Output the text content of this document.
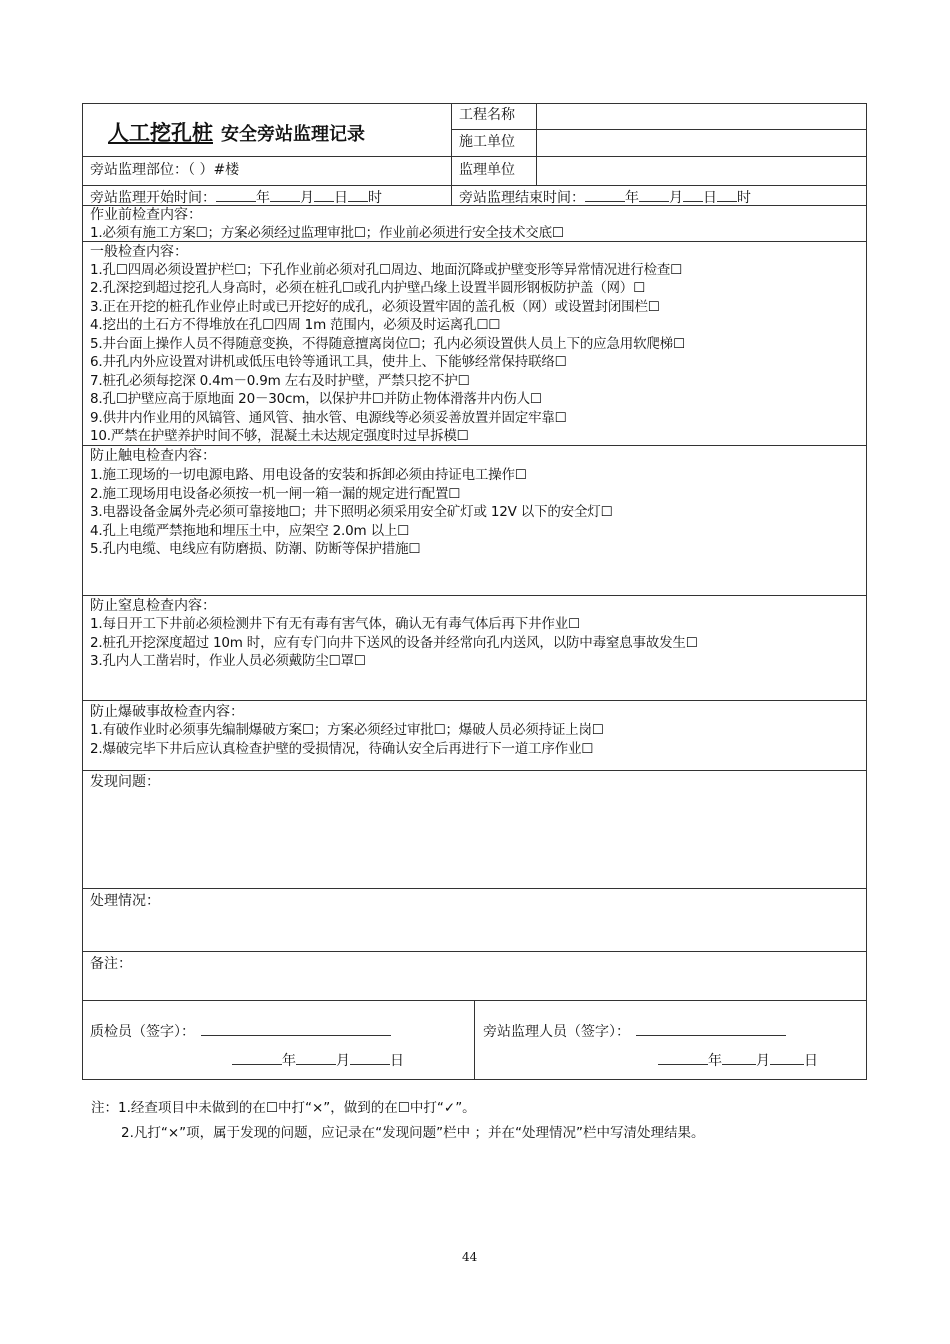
人工挖孔桩 安全旁站监理记录
工程名称
施工单位
旁站监理部位：（ ）#楼	监理单位
旁站监理开始时间：	年 月 日 时	旁站监理结束时间：	年 月 日 时
作业前检查内容：
1.必须有施工方案☐；方案必须经过监理审批☐；作业前必须进行安全技术交底☐
一般检查内容：
1.孔☐四周必须设置护栏☐；下孔作业前必须对孔☐周边、地面沉降或护壁变形等异常情况进行检查☐
2.孔深挖到超过挖孔人身高时，必须在桩孔☐或孔内护壁凸缘上设置半圆形钢板防护盖（网）☐
3.正在开挖的桩孔作业停止时或已开挖好的成孔，必须设置牢固的盖孔板（网）或设置封闭围栏☐
4.挖出的土石方不得堆放在孔☐四周 1m 范围内，必须及时运离孔☐☐
5.井台面上操作人员不得随意变换，不得随意擅离岗位☐；孔内必须设置供人员上下的应急用软爬梯☐
6.井孔内外应设置对讲机或低压电铃等通讯工具，使井上、下能够经常保持联络☐
7.桩孔必须每挖深 0.4m－0.9m 左右及时护壁，严禁只挖不护☐
8.孔☐护壁应高于原地面 20－30cm，以保护井☐并防止物体滑落井内伤人☐
9.供井内作业用的风镐管、通风管、抽水管、电源线等必须妥善放置并固定牢靠☐
10.严禁在护壁养护时间不够，混凝土未达规定强度时过早拆模☐
防止触电检查内容：
1.施工现场的一切电源电路、用电设备的安装和拆卸必须由持证电工操作☐
2.施工现场用电设备必须按一机一闸一箱一漏的规定进行配置☐
3.电器设备金属外壳必须可靠接地☐；井下照明必须采用安全矿灯或 12V 以下的安全灯☐
4.孔上电缆严禁拖地和埋压土中，应架空 2.0m 以上☐
5.孔内电缆、电线应有防磨损、防潮、防断等保护措施☐
防止窒息检查内容：
1.每日开工下井前必须检测井下有无有毒有害气体，确认无有毒气体后再下井作业☐
2.桩孔开挖深度超过 10m 时，应有专门向井下送风的设备并经常向孔内送风，以防中毒窒息事故发生☐
3.孔内人工凿岩时，作业人员必须戴防尘☐罩☐
防止爆破事故检查内容：
1.有破作业时必须事先编制爆破方案☐；方案必须经过审批☐；爆破人员必须持证上岗☐
2.爆破完毕下井后应认真检查护壁的受损情况，待确认安全后再进行下一道工序作业☐
发现问题：
处理情况：
备注：
质检员（签字）：
年	月	日
旁站监理人员（签字）：
年 月 日
注：1.经查项目中未做到的在☐中打“×”，做到的在☐中打“✓”。
2.凡打“×”项，属于发现的问题，应记录在“发现问题”栏中 ；并在“处理情况”栏中写清处理结果。
44
